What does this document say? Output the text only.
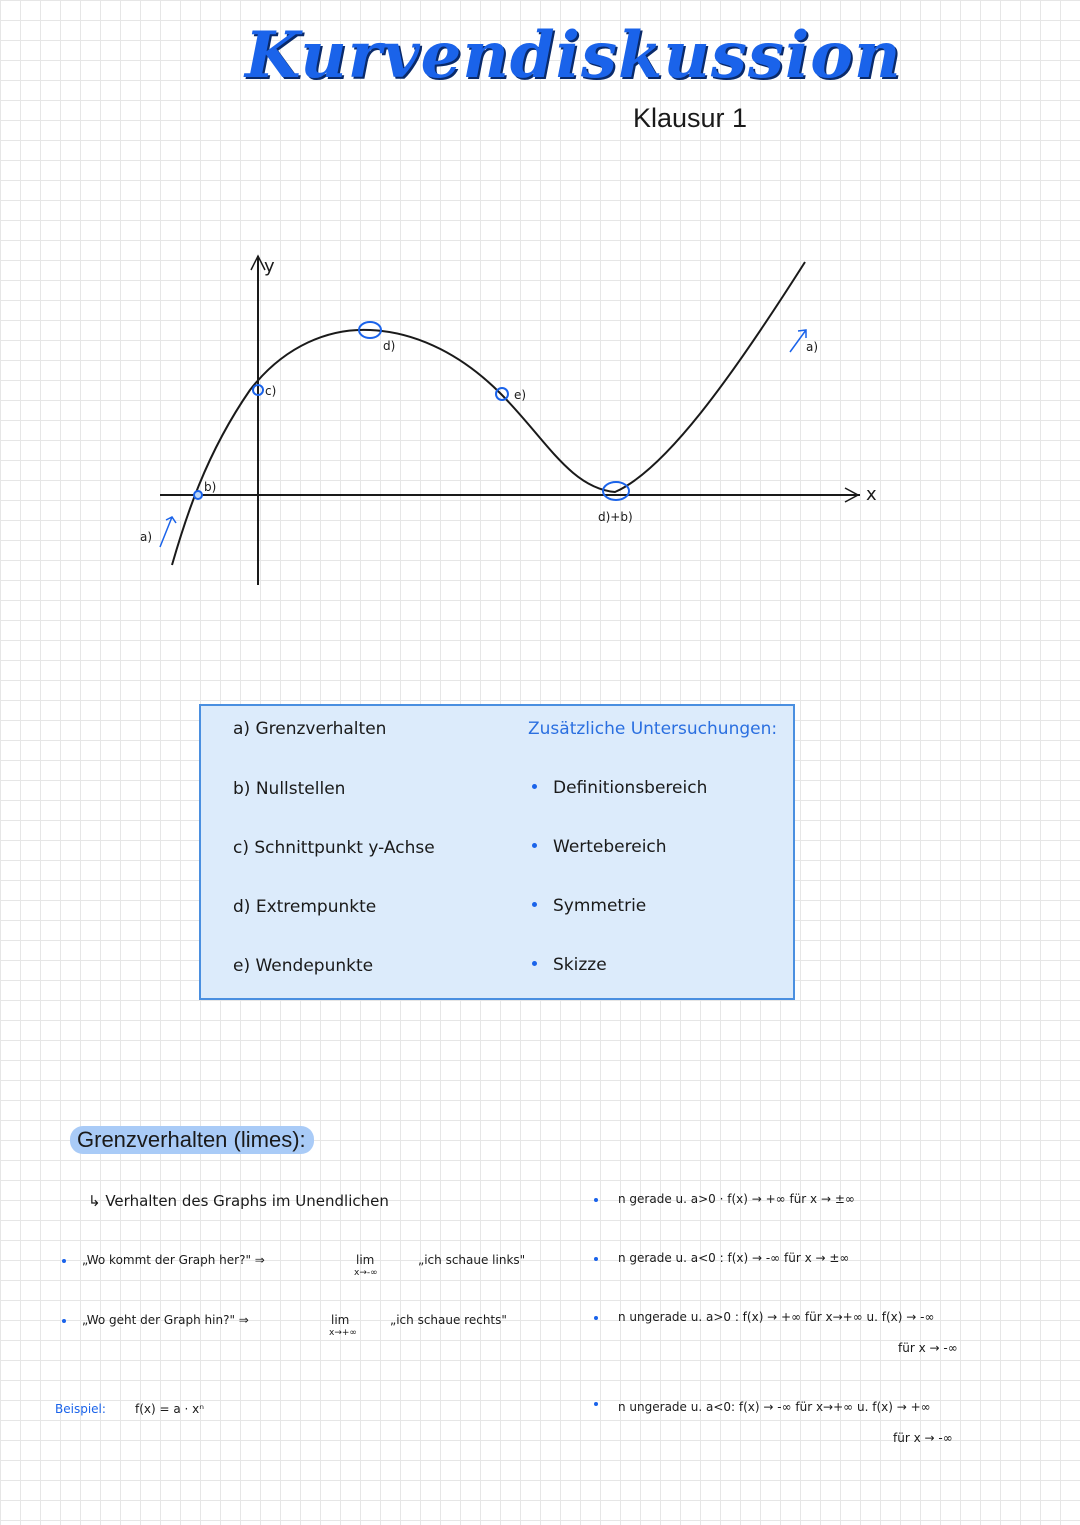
Kurvendiskussion
Klausur 1
y
x
a)
a)
b)
c)
d)
e)
d)+b)
a) Grenzverhalten
b) Nullstellen
c) Schnittpunkt y-Achse
d) Extrempunkte
e) Wendepunkte
Zusätzliche Untersuchungen:
Definitionsbereich
Wertebereich
Symmetrie
Skizze
Grenzverhalten (limes):
↳ Verhalten des Graphs im Unendlichen
„Wo kommt der Graph her?" ⇒	lim
x→-∞
„ich schaue links"
„Wo geht der Graph hin?" ⇒	lim
x→+∞
„ich schaue rechts"
Beispiel: f(x) = a · xⁿ
n gerade u. a>0 · f(x) → +∞ für x → ±∞
n gerade u. a<0 : f(x) → -∞ für x → ±∞
n ungerade u. a>0 : f(x) → +∞ für x→+∞ u. f(x) → -∞
für x → -∞
n ungerade u. a<0: f(x) → -∞ für x→+∞ u. f(x) → +∞
für x → -∞
